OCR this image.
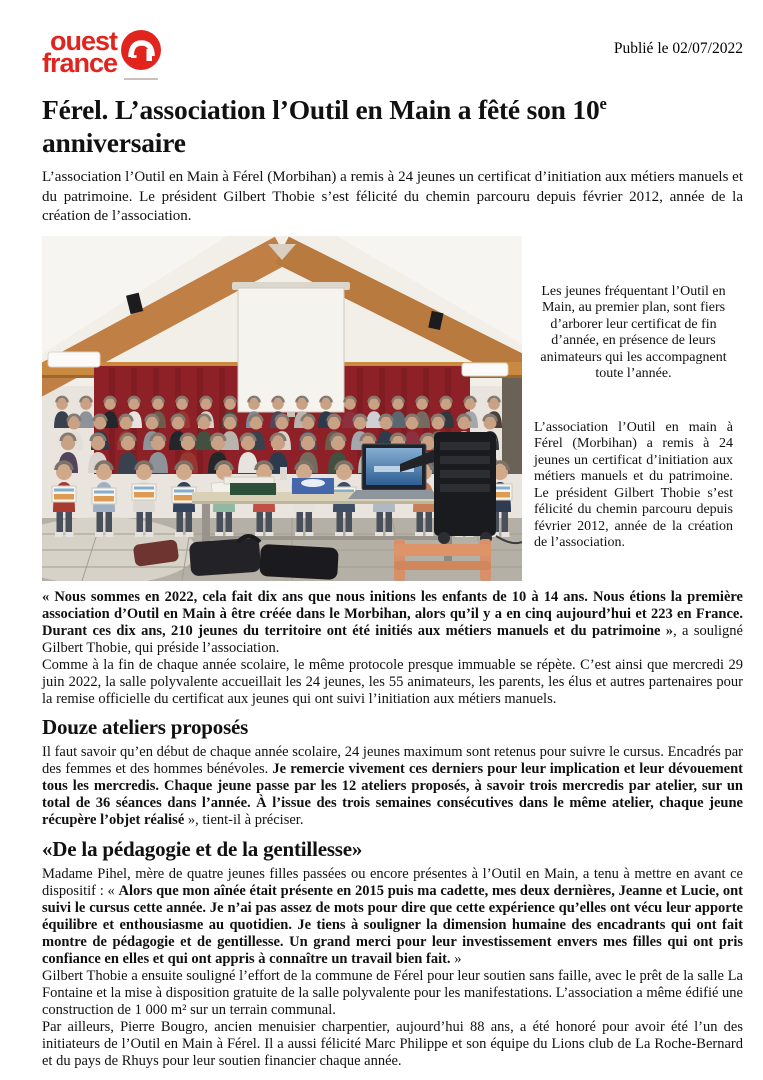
ouest
france	Publié le 02/07/2022
Férel. L’association l’Outil en Main a fêté son 10e anniversaire

L’association l’Outil en Main à Férel (Morbihan) a remis à 24 jeunes un certificat d’initiation aux métiers manuels et du patrimoine. Le président Gilbert Thobie s’est félicité du chemin parcouru depuis février 2012, année de la création de l’association.

Les jeunes fréquentant l’Outil en Main, au premier plan, sont fiers d’arborer leur certificat de fin d’année, en présence de leurs animateurs qui les accompagnent toute l’année.
L’association l’Outil en main à Férel (Morbihan) a remis à 24 jeunes un certificat d’initiation aux métiers manuels et du patrimoine. Le président Gilbert Thobie s’est félicité du chemin parcouru depuis février 2012, année de la création de l’association.

« Nous sommes en 2022, cela fait dix ans que nous initions les enfants de 10 à 14 ans. Nous étions la première association d’Outil en Main à être créée dans le Morbihan, alors qu’il y a en cinq aujourd’hui et 223 en France. Durant ces dix ans, 210 jeunes du territoire ont été initiés aux métiers manuels et du patrimoine », a souligné Gilbert Thobie, qui préside l’association.

Comme à la fin de chaque année scolaire, le même protocole presque immuable se répète. C’est ainsi que mercredi 29 juin 2022, la salle polyvalente accueillait les 24 jeunes, les 55 animateurs, les parents, les élus et autres partenaires pour la remise officielle du certificat aux jeunes qui ont suivi l’initiation aux métiers manuels.

Douze ateliers proposés

Il faut savoir qu’en début de chaque année scolaire, 24 jeunes maximum sont retenus pour suivre le cursus. Encadrés par des femmes et des hommes bénévoles. Je remercie vivement ces derniers pour leur implication et leur dévouement tous les mercredis. Chaque jeune passe par les 12 ateliers proposés, à savoir trois mercredis par atelier, sur un total de 36 séances dans l’année. À l’issue des trois semaines consécutives dans le même atelier, chaque jeune récupère l’objet réalisé », tient-il à préciser.

«De la pédagogie et de la gentillesse»

Madame Pihel, mère de quatre jeunes filles passées ou encore présentes à l’Outil en Main, a tenu à mettre en avant ce dispositif : « Alors que mon aînée était présente en 2015 puis ma cadette, mes deux dernières, Jeanne et Lucie, ont suivi le cursus cette année. Je n’ai pas assez de mots pour dire que cette expérience qu’elles ont vécu leur apporte équilibre et enthousiasme au quotidien. Je tiens à souligner la dimension humaine des encadrants qui ont fait montre de pédagogie et de gentillesse. Un grand merci pour leur investissement envers mes filles qui ont pris confiance en elles et qui ont appris à connaître un travail bien fait. »

Gilbert Thobie a ensuite souligné l’effort de la commune de Férel pour leur soutien sans faille, avec le prêt de la salle La Fontaine et la mise à disposition gratuite de la salle polyvalente pour les manifestations. L’association a même édifié une construction de 1 000 m² sur un terrain communal.

Par ailleurs, Pierre Bougro, ancien menuisier charpentier, aujourd’hui 88 ans, a été honoré pour avoir été l’un des initiateurs de l’Outil en Main à Férel. Il a aussi félicité Marc Philippe et son équipe du Lions club de La Roche-Bernard et du pays de Rhuys pour leur soutien financier chaque année.
